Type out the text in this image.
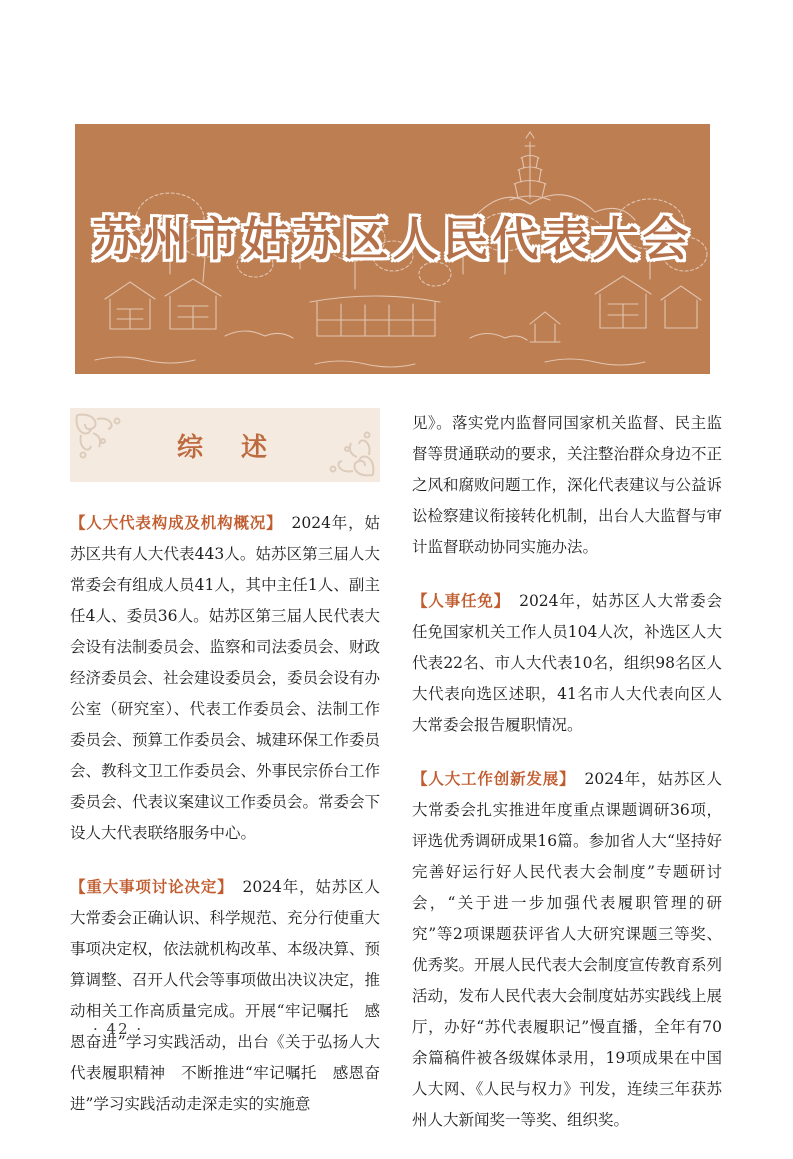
苏州市姑苏区人民代表大会
综　述

【人大代表构成及机构概况】 2024年，姑苏区共有人大代表443人。姑苏区第三届人大常委会有组成人员41人，其中主任1人、副主任4人、委员36人。姑苏区第三届人民代表大会设有法制委员会、监察和司法委员会、财政经济委员会、社会建设委员会，委员会设有办公室（研究室）、代表工作委员会、法制工作委员会、预算工作委员会、城建环保工作委员会、教科文卫工作委员会、外事民宗侨台工作委员会、代表议案建议工作委员会。常委会下设人大代表联络服务中心。

【重大事项讨论决定】 2024年，姑苏区人大常委会正确认识、科学规范、充分行使重大事项决定权，依法就机构改革、本级决算、预算调整、召开人代会等事项做出决议决定，推动相关工作高质量完成。开展“牢记嘱托　感恩奋进”学习实践活动，出台《关于弘扬人大代表履职精神　不断推进“牢记嘱托　感恩奋进”学习实践活动走深走实的实施意

见》。落实党内监督同国家机关监督、民主监督等贯通联动的要求，关注整治群众身边不正之风和腐败问题工作，深化代表建议与公益诉讼检察建议衔接转化机制，出台人大监督与审计监督联动协同实施办法。

【人事任免】 2024年，姑苏区人大常委会任免国家机关工作人员104人次，补选区人大代表22名、市人大代表10名，组织98名区人大代表向选区述职，41名市人大代表向区人大常委会报告履职情况。

【人大工作创新发展】 2024年，姑苏区人大常委会扎实推进年度重点课题调研36项，评选优秀调研成果16篇。参加省人大“坚持好完善好运行好人民代表大会制度”专题研讨会，“关于进一步加强代表履职管理的研究”等2项课题获评省人大研究课题三等奖、优秀奖。开展人民代表大会制度宣传教育系列活动，发布人民代表大会制度姑苏实践线上展厅，办好“苏代表履职记”慢直播，全年有70余篇稿件被各级媒体录用，19项成果在中国人大网、《人民与权力》刊发，连续三年获苏州人大新闻奖一等奖、组织奖。

· 42 ·
